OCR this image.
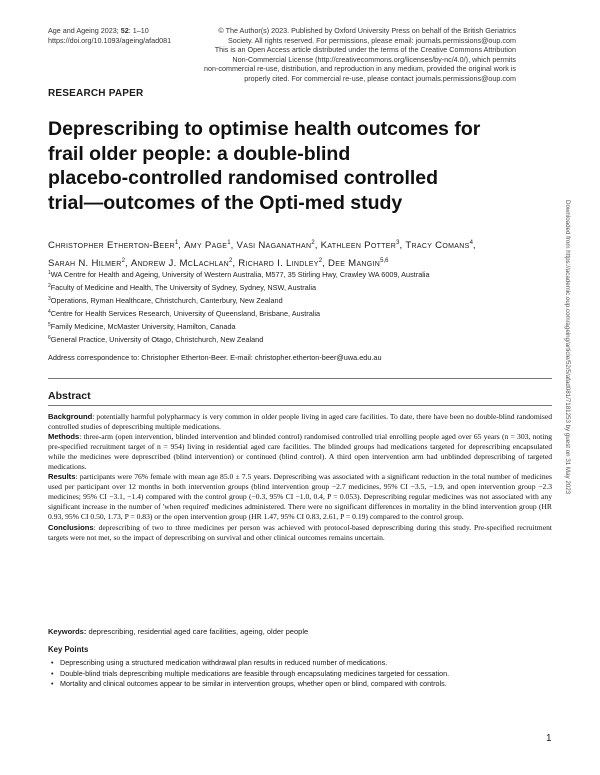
Age and Ageing 2023; 52: 1–10
https://doi.org/10.1093/ageing/afad081
© The Author(s) 2023. Published by Oxford University Press on behalf of the British Geriatrics
Society. All rights reserved. For permissions, please email: journals.permissions@oup.com
This is an Open Access article distributed under the terms of the Creative Commons Attribution
Non-Commercial License (http://creativecommons.org/licenses/by-nc/4.0/), which permits
non-commercial re-use, distribution, and reproduction in any medium, provided the original work is
properly cited. For commercial re-use, please contact journals.permissions@oup.com
RESEARCH PAPER
Deprescribing to optimise health outcomes for
frail older people: a double-blind
placebo-controlled randomised controlled
trial—outcomes of the Opti-med study
Christopher Etherton-Beer$^1$, Amy Page$^1$, Vasi Naganathan$^2$, Kathleen Potter$^3$, Tracy Comans$^4$,
Sarah N. Hilmer$^2$, Andrew J. McLachlan$^2$, Richard I. Lindley$^2$, Dee Mangin$^{5,6}$
$^1$WA Centre for Health and Ageing, University of Western Australia, M577, 35 Stirling Hwy, Crawley WA 6009, Australia
$^2$Faculty of Medicine and Health, The University of Sydney, Sydney, NSW, Australia
$^3$Operations, Ryman Healthcare, Christchurch, Canterbury, New Zealand
$^4$Centre for Health Services Research, University of Queensland, Brisbane, Australia
$^5$Family Medicine, McMaster University, Hamilton, Canada
$^6$General Practice, University of Otago, Christchurch, New Zealand
Address correspondence to: Christopher Etherton-Beer. E-mail: christopher.etherton-beer@uwa.edu.au
Abstract

Background: potentially harmful polypharmacy is very common in older people living in aged care facilities. To date, there have been no double-blind randomised controlled studies of deprescribing multiple medications.

Methods: three-arm (open intervention, blinded intervention and blinded control) randomised controlled trial enrolling people aged over 65 years (n = 303, noting pre-specified recruitment target of n = 954) living in residential aged care facilities. The blinded groups had medications targeted for deprescribing encapsulated while the medicines were deprescribed (blind intervention) or continued (blind control). A third open intervention arm had unblinded deprescribing of targeted medications.

Results: participants were 76% female with mean age 85.0 ± 7.5 years. Deprescribing was associated with a significant reduction in the total number of medicines used per participant over 12 months in both intervention groups (blind intervention group −2.7 medicines, 95% CI −3.5, −1.9, and open intervention group −2.3 medicines; 95% CI −3.1, −1.4) compared with the control group (−0.3, 95% CI −1.0, 0.4, P = 0.053). Deprescribing regular medicines was not associated with any significant increase in the number of 'when required' medicines administered. There were no significant differences in mortality in the blind intervention group (HR 0.93, 95% CI 0.50, 1.73, P = 0.83) or the open intervention group (HR 1.47, 95% CI 0.83, 2.61, P = 0.19) compared to the control group.

Conclusions: deprescribing of two to three medicines per person was achieved with protocol-based deprescribing during this study. Pre-specified recruitment targets were not met, so the impact of deprescribing on survival and other clinical outcomes remains uncertain.

Keywords: deprescribing, residential aged care facilities, ageing, older people
Key Points
• Deprescribing using a structured medication withdrawal plan results in reduced number of medications.
• Double-blind trials deprescribing multiple medications are feasible through encapsulating medicines targeted for cessation.
• Mortality and clinical outcomes appear to be similar in intervention groups, whether open or blind, compared with controls.
Downloaded from https://academic.oup.com/ageing/article/52/5/afad081/7181253 by guest on 31 May 2023
1
